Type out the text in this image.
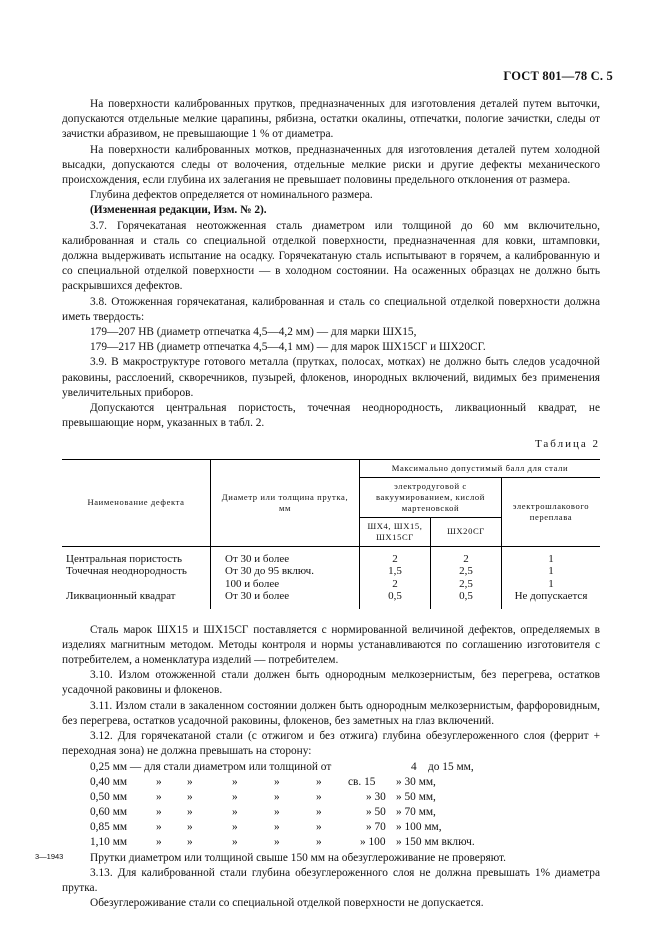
ГОСТ 801—78 С. 5

На поверхности калиброванных прутков, предназначенных для изготовления деталей путем выточки, допускаются отдельные мелкие царапины, рябизна, остатки окалины, отпечатки, пологие зачистки, следы от зачистки абразивом, не превышающие 1 % от диаметра.

На поверхности калиброванных мотков, предназначенных для изготовления деталей путем холодной высадки, допускаются следы от волочения, отдельные мелкие риски и другие дефекты механического происхождения, если глубина их залегания не превышает половины предельного отклонения от размера.

Глубина дефектов определяется от номинального размера.

(Измененная редакции, Изм. № 2).

3.7. Горячекатаная неотожженная сталь диаметром или толщиной до 60 мм включительно, калиброванная и сталь со специальной отделкой поверхности, предназначенная для ковки, штамповки, должна выдерживать испытание на осадку. Горячекатаную сталь испытывают в горячем, а калиброванную и со специальной отделкой поверхности — в холодном состоянии. На осаженных образцах не должно быть раскрывшихся дефектов.

3.8. Отожженная горячекатаная, калиброванная и сталь со специальной отделкой поверхности должна иметь твердость:

179—207 НВ (диаметр отпечатка 4,5—4,2 мм) — для марки ШХ15,

179—217 НВ (диаметр отпечатка 4,5—4,1 мм) — для марок ШХ15СГ и ШХ20СГ.

3.9. В макроструктуре готового металла (прутках, полосах, мотках) не должно быть следов усадочной раковины, расслоений, скворечников, пузырей, флокенов, инородных включений, видимых без применения увеличительных приборов.

Допускаются центральная пористость, точечная неоднородность, ликвационный квадрат, не превышающие норм, указанных в табл. 2.

Таблица 2
Наименование дефекта	Диаметр или толщина прутка, мм	Максимально допустимый балл для стали		
		электродуговой с вакуумированием, кислой мартеновской		электрошлакового переплава
		ШХ4, ШХ15, ШХ15СГ	ШХ20СГ	

Центральная пористость	От 30 и более	2	2	1
Точечная неоднородность	От 30 до 95 включ.	1,5	2,5	1
	100 и более	2	2,5	1
Ликвационный квадрат	От 30 и более	0,5	0,5	Не допускается

Сталь марок ШХ15 и ШХ15СГ поставляется с нормированной величиной дефектов, определяемых в изделиях магнитным методом. Методы контроля и нормы устанавливаются по соглашению изготовителя с потребителем, а номенклатура изделий — потребителем.

3.10. Излом отожженной стали должен быть однородным мелкозернистым, без перегрева, остатков усадочной раковины и флокенов.

3.11. Излом стали в закаленном состоянии должен быть однородным мелкозернистым, фарфоровидным, без перегрева, остатков усадочной раковины, флокенов, без заметных на глаз включений.

3.12. Для горячекатаной стали (с отжигом и без отжига) глубина обезуглероженного слоя (феррит + переходная зона) не должна превышать на сторону:

0,25 мм — для стали диаметром или толщиной от	4 до 15 мм,
0,40 мм	» »	»	»	» св. 15 » 30 мм,
0,50 мм	» »	»	»	»	» 30 » 50 мм,
0,60 мм	» »	»	»	»	» 50 » 70 мм,
0,85 мм	» »	»	»	»	» 70 » 100 мм,
1,10 мм	» »	»	»	»	» 100 » 150 мм включ.

Прутки диаметром или толщиной свыше 150 мм на обезуглероживание не проверяют.

3.13. Для калиброванной стали глубина обезуглероженного слоя не должна превышать 1% диаметра прутка.

Обезуглероживание стали со специальной отделкой поверхности не допускается.

3—1943
